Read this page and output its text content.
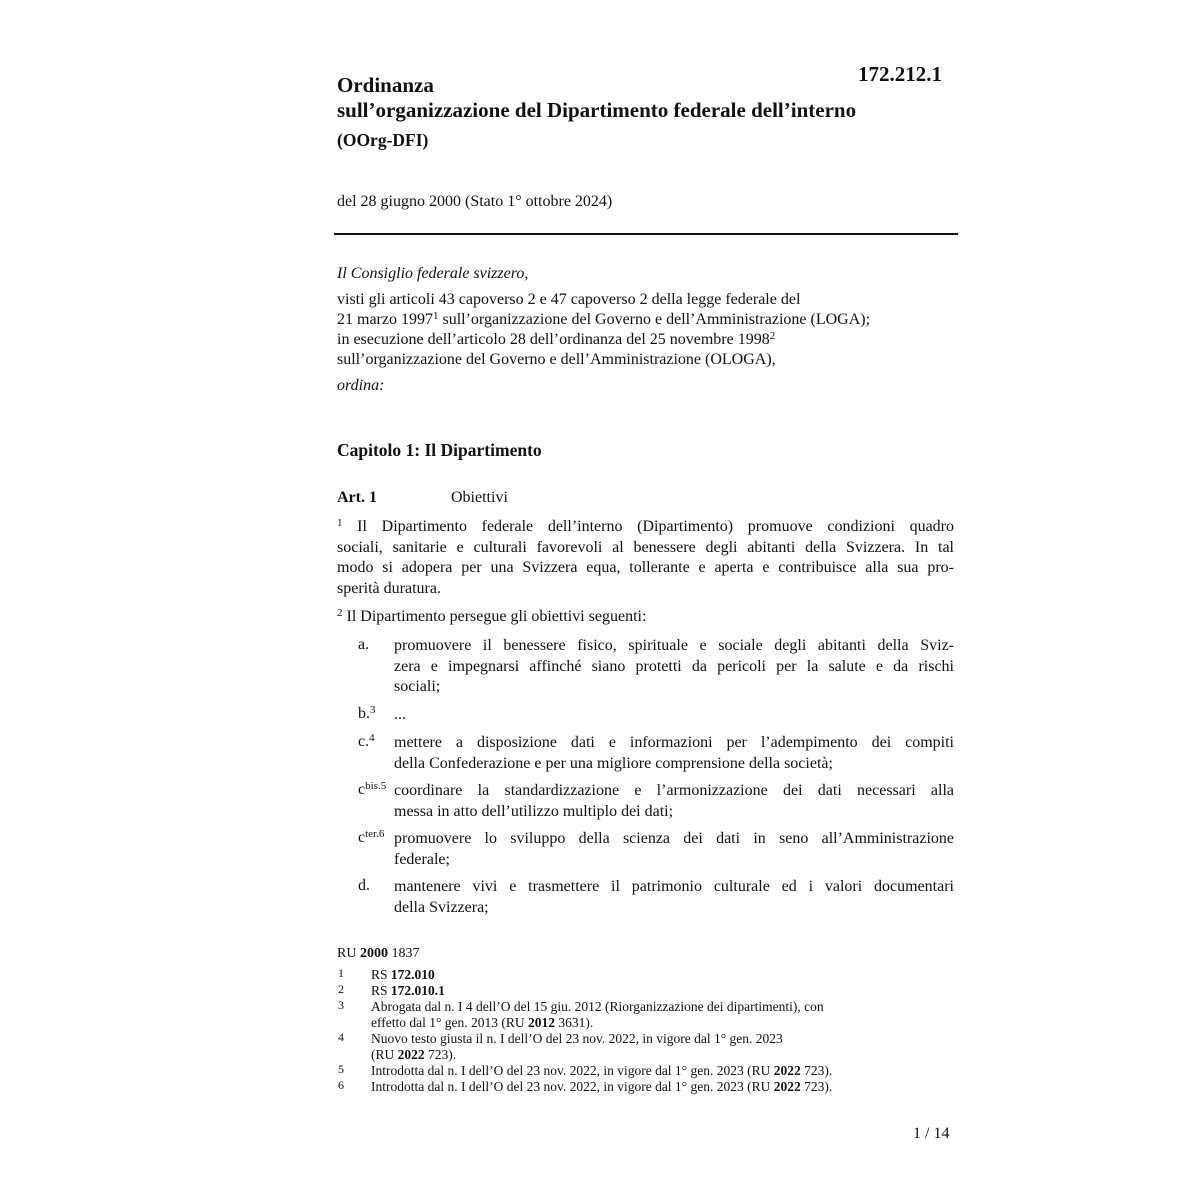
172.212.1
Ordinanza
sull’organizzazione del Dipartimento federale dell’interno
(OOrg-DFI)
del 28 giugno 2000 (Stato 1° ottobre 2024)
Il Consiglio federale svizzero,
visti gli articoli 43 capoverso 2 e 47 capoverso 2 della legge federale del
21 marzo 1997$^1$ sull’organizzazione del Governo e dell’Amministrazione (LOGA);
in esecuzione dell’articolo 28 dell’ordinanza del 25 novembre 1998$^2$
sull’organizzazione del Governo e dell’Amministrazione (OLOGA),
ordina:
Capitolo 1: Il Dipartimento
Art. 1	Obiettivi
$^1$ Il Dipartimento federale dell’interno (Dipartimento) promuove condizioni quadro
sociali, sanitarie e culturali favorevoli al benessere degli abitanti della Svizzera. In tal
modo si adopera per una Svizzera equa, tollerante e aperta e contribuisce alla sua pro-
sperità duratura.
$^2$ Il Dipartimento persegue gli obiettivi seguenti:
a. promuovere il benessere fisico, spirituale e sociale degli abitanti della Sviz-
zera e impegnarsi affinché siano protetti da pericoli per la salute e da rischi
sociali;
b.$^3$ ...
c.$^4$ mettere a disposizione dati e informazioni per l’adempimento dei compiti
della Confederazione e per una migliore comprensione della società;
$c^{bis.5}$ coordinare la standardizzazione e l’armonizzazione dei dati necessari alla
messa in atto dell’utilizzo multiplo dei dati;
$c^{ter.6}$ promuovere lo sviluppo della scienza dei dati in seno all’Amministrazione
federale;
d. mantenere vivi e trasmettere il patrimonio culturale ed i valori documentari
della Svizzera;
RU 2000 1837
1 RS 172.010
2 RS 172.010.1
3 Abrogata dal n. I 4 dell’O del 15 giu. 2012 (Riorganizzazione dei dipartimenti), con
effetto dal 1° gen. 2013 (RU 2012 3631).
4 Nuovo testo giusta il n. I dell’O del 23 nov. 2022, in vigore dal 1° gen. 2023
(RU 2022 723).
5 Introdotta dal n. I dell’O del 23 nov. 2022, in vigore dal 1° gen. 2023 (RU 2022 723).
6 Introdotta dal n. I dell’O del 23 nov. 2022, in vigore dal 1° gen. 2023 (RU 2022 723).
1 / 14
